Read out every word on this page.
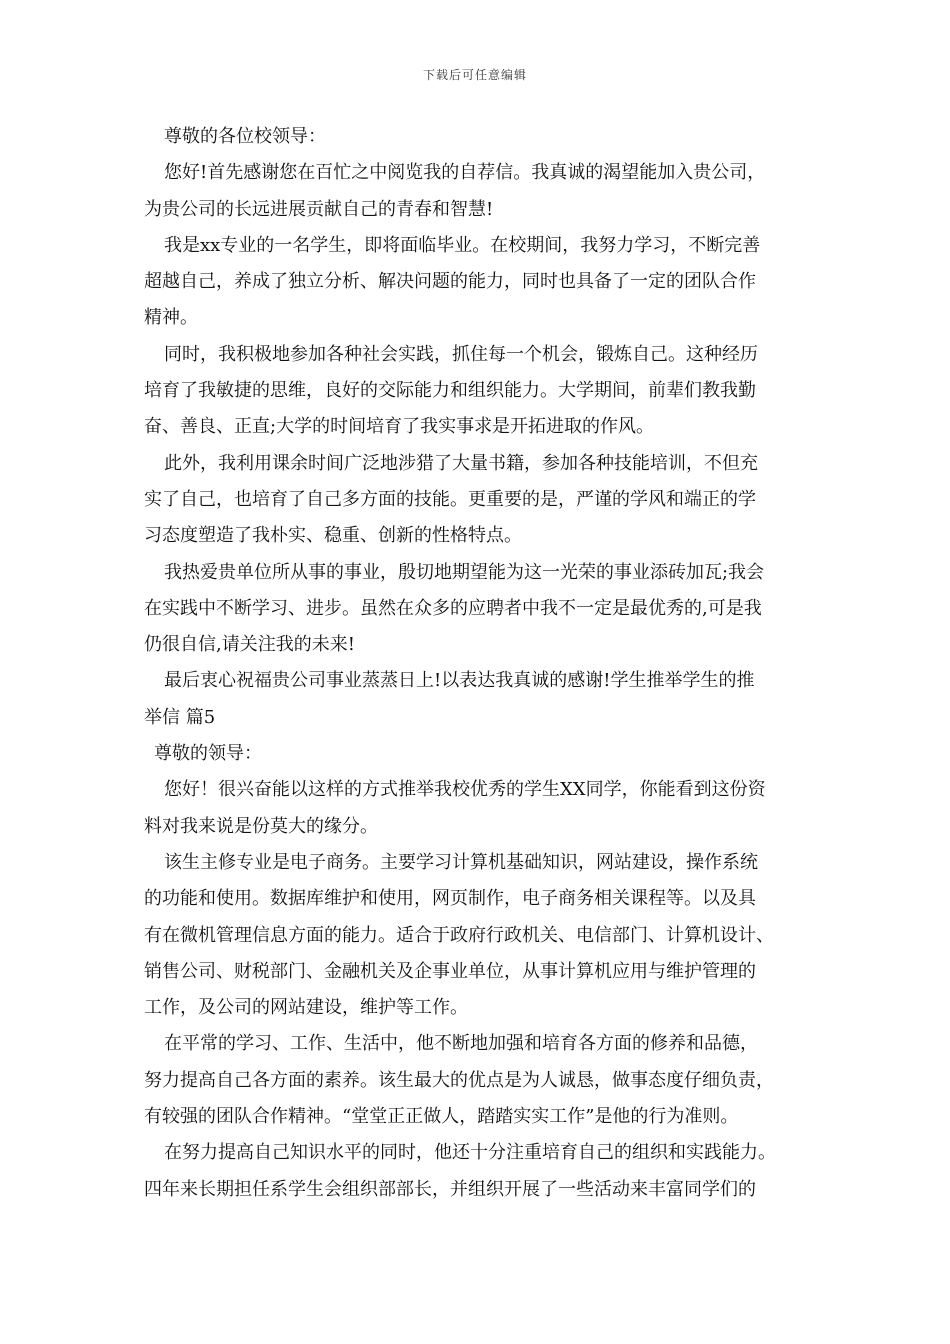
下载后可任意编辑
尊敬的各位校领导：
您好!首先感谢您在百忙之中阅览我的自荐信。我真诚的渴望能加入贵公司，
为贵公司的长远进展贡献自己的青春和智慧!
我是xx专业的一名学生，即将面临毕业。在校期间，我努力学习，不断完善
超越自己，养成了独立分析、解决问题的能力，同时也具备了一定的团队合作
精神。
同时，我积极地参加各种社会实践，抓住每一个机会，锻炼自己。这种经历
培育了我敏捷的思维，良好的交际能力和组织能力。大学期间，前辈们教我勤
奋、善良、正直;大学的时间培育了我实事求是开拓进取的作风。
此外，我利用课余时间广泛地涉猎了大量书籍，参加各种技能培训，不但充
实了自己，也培育了自己多方面的技能。更重要的是，严谨的学风和端正的学
习态度塑造了我朴实、稳重、创新的性格特点。
我热爱贵单位所从事的事业，殷切地期望能为这一光荣的事业添砖加瓦;我会
在实践中不断学习、进步。虽然在众多的应聘者中我不一定是最优秀的,可是我
仍很自信,请关注我的未来!
最后衷心祝福贵公司事业蒸蒸日上!以表达我真诚的感谢!学生推举学生的推
举信 篇5
尊敬的领导：
您好！很兴奋能以这样的方式推举我校优秀的学生XX同学，你能看到这份资
料对我来说是份莫大的缘分。
该生主修专业是电子商务。主要学习计算机基础知识，网站建设，操作系统
的功能和使用。数据库维护和使用，网页制作，电子商务相关课程等。以及具
有在微机管理信息方面的能力。适合于政府行政机关、电信部门、计算机设计、
销售公司、财税部门、金融机关及企事业单位，从事计算机应用与维护管理的
工作，及公司的网站建设，维护等工作。
在平常的学习、工作、生活中，他不断地加强和培育各方面的修养和品德，
努力提高自己各方面的素养。该生最大的优点是为人诚恳，做事态度仔细负责，
有较强的团队合作精神。“堂堂正正做人，踏踏实实工作”是他的行为准则。
在努力提高自己知识水平的同时，他还十分注重培育自己的组织和实践能力。
四年来长期担任系学生会组织部部长，并组织开展了一些活动来丰富同学们的
